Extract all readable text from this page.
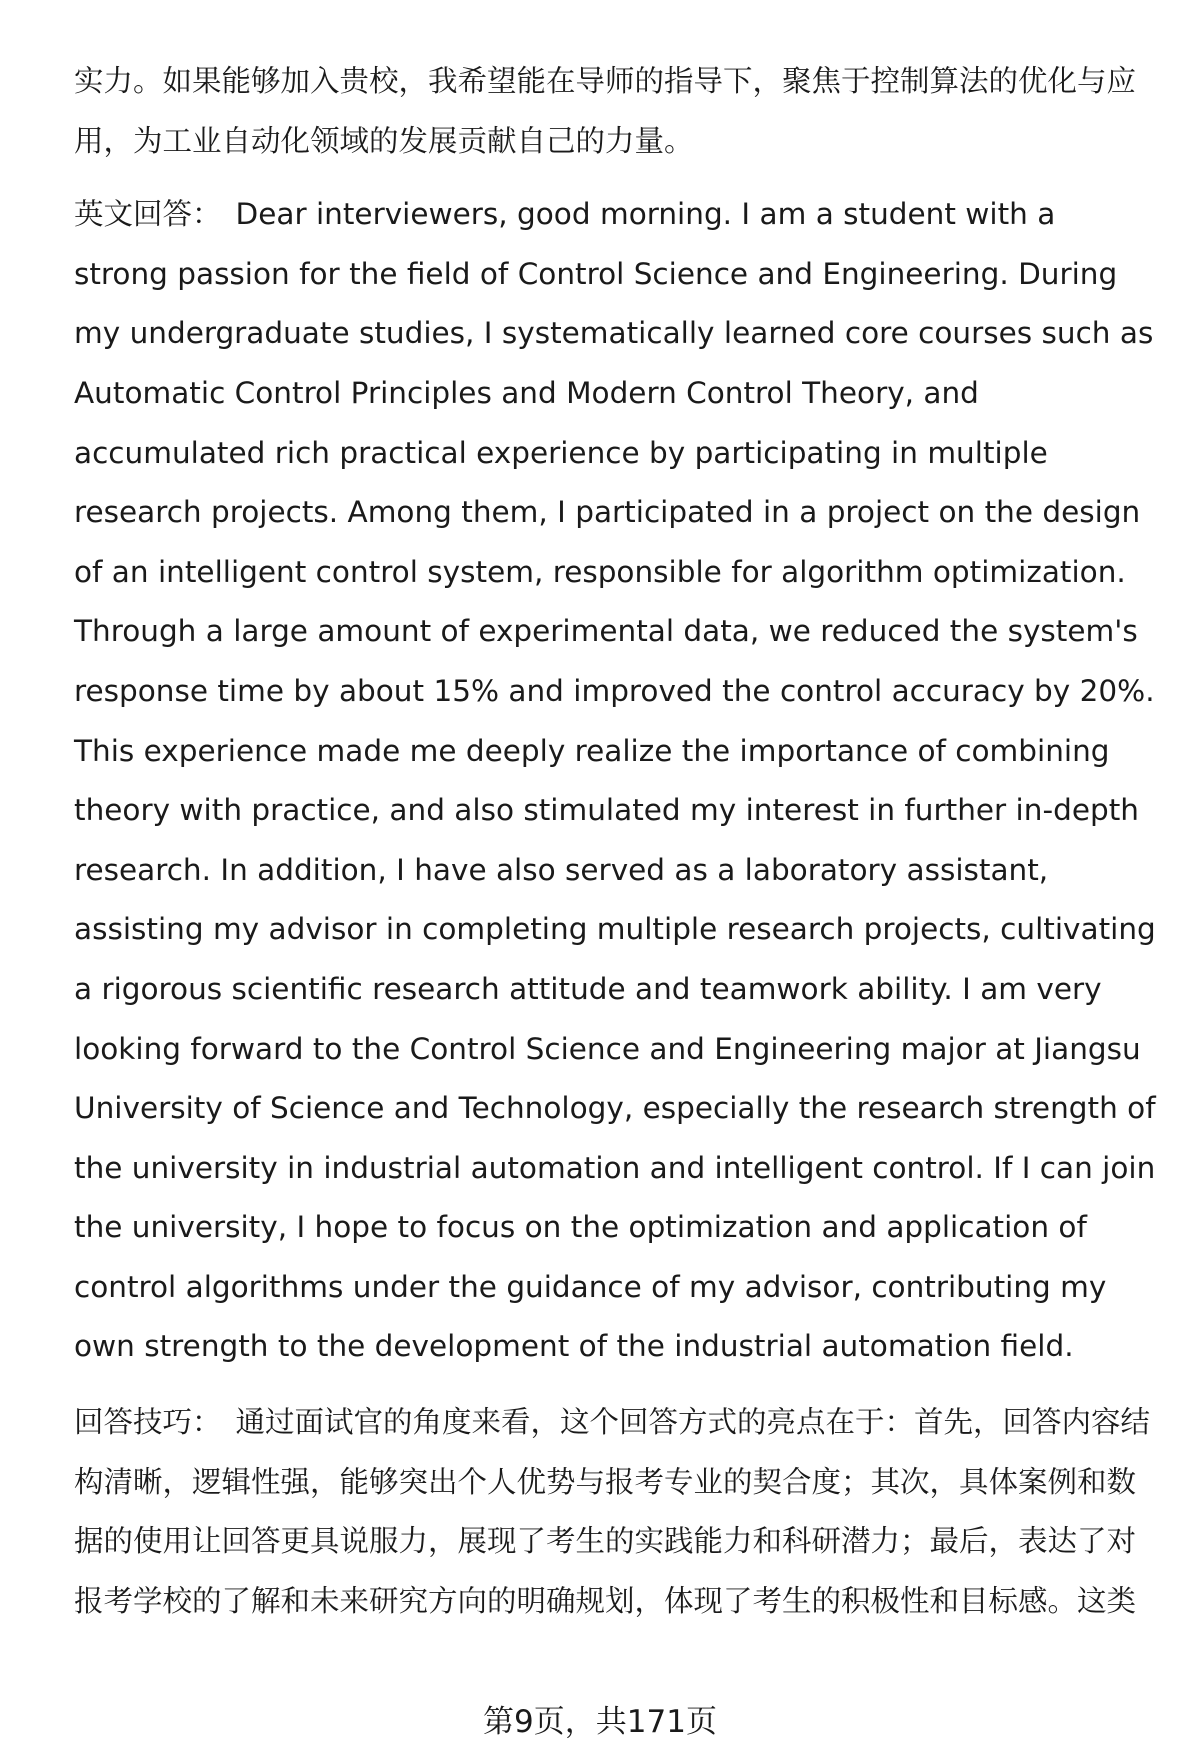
实力。如果能够加入贵校，我希望能在导师的指导下，聚焦于控制算法的优化与应用，为工业自动化领域的发展贡献自己的力量。

英文回答： Dear interviewers, good morning. I am a student with a strong passion for the field of Control Science and Engineering. During my undergraduate studies, I systematically learned core courses such as Automatic Control Principles and Modern Control Theory, and accumulated rich practical experience by participating in multiple research projects. Among them, I participated in a project on the design of an intelligent control system, responsible for algorithm optimization. Through a large amount of experimental data, we reduced the system's response time by about 15% and improved the control accuracy by 20%. This experience made me deeply realize the importance of combining theory with practice, and also stimulated my interest in further in-depth research. In addition, I have also served as a laboratory assistant, assisting my advisor in completing multiple research projects, cultivating a rigorous scientific research attitude and teamwork ability. I am very looking forward to the Control Science and Engineering major at Jiangsu University of Science and Technology, especially the research strength of the university in industrial automation and intelligent control. If I can join the university, I hope to focus on the optimization and application of control algorithms under the guidance of my advisor, contributing my own strength to the development of the industrial automation field.

回答技巧： 通过面试官的角度来看，这个回答方式的亮点在于：首先，回答内容结构清晰，逻辑性强，能够突出个人优势与报考专业的契合度；其次，具体案例和数据的使用让回答更具说服力，展现了考生的实践能力和科研潜力；最后，表达了对报考学校的了解和未来研究方向的明确规划，体现了考生的积极性和目标感。这类

第9页，共171页
